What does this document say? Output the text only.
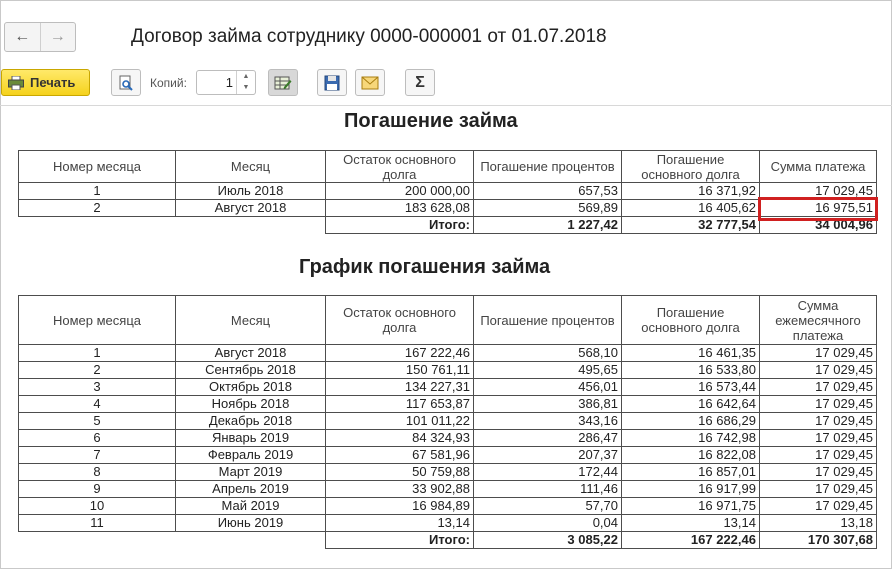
← →	Договор займа сотруднику 0000-000001 от 01.07.2018
Печать	Копий:	1	▲
▼	Σ
Погашение займа
Номер месяца	Месяц	Остаток основного долга	Погашение процентов	Погашение основного долга	Сумма платежа
1	Июль 2018	200 000,00	657,53	16 371,92	17 029,45
2	Август 2018	183 628,08	569,89	16 405,62	16 975,51
		Итого:	1 227,42	32 777,54	34 004,96
График погашения займа
Номер месяца	Месяц	Остаток основного долга	Погашение процентов	Погашение основного долга	Сумма ежемесячного платежа
1	Август 2018	167 222,46	568,10	16 461,35	17 029,45
2	Сентябрь 2018	150 761,11	495,65	16 533,80	17 029,45
3	Октябрь 2018	134 227,31	456,01	16 573,44	17 029,45
4	Ноябрь 2018	117 653,87	386,81	16 642,64	17 029,45
5	Декабрь 2018	101 011,22	343,16	16 686,29	17 029,45
6	Январь 2019	84 324,93	286,47	16 742,98	17 029,45
7	Февраль 2019	67 581,96	207,37	16 822,08	17 029,45
8	Март 2019	50 759,88	172,44	16 857,01	17 029,45
9	Апрель 2019	33 902,88	111,46	16 917,99	17 029,45
10	Май 2019	16 984,89	57,70	16 971,75	17 029,45
11	Июнь 2019	13,14	0,04	13,14	13,18
		Итого:	3 085,22	167 222,46	170 307,68
